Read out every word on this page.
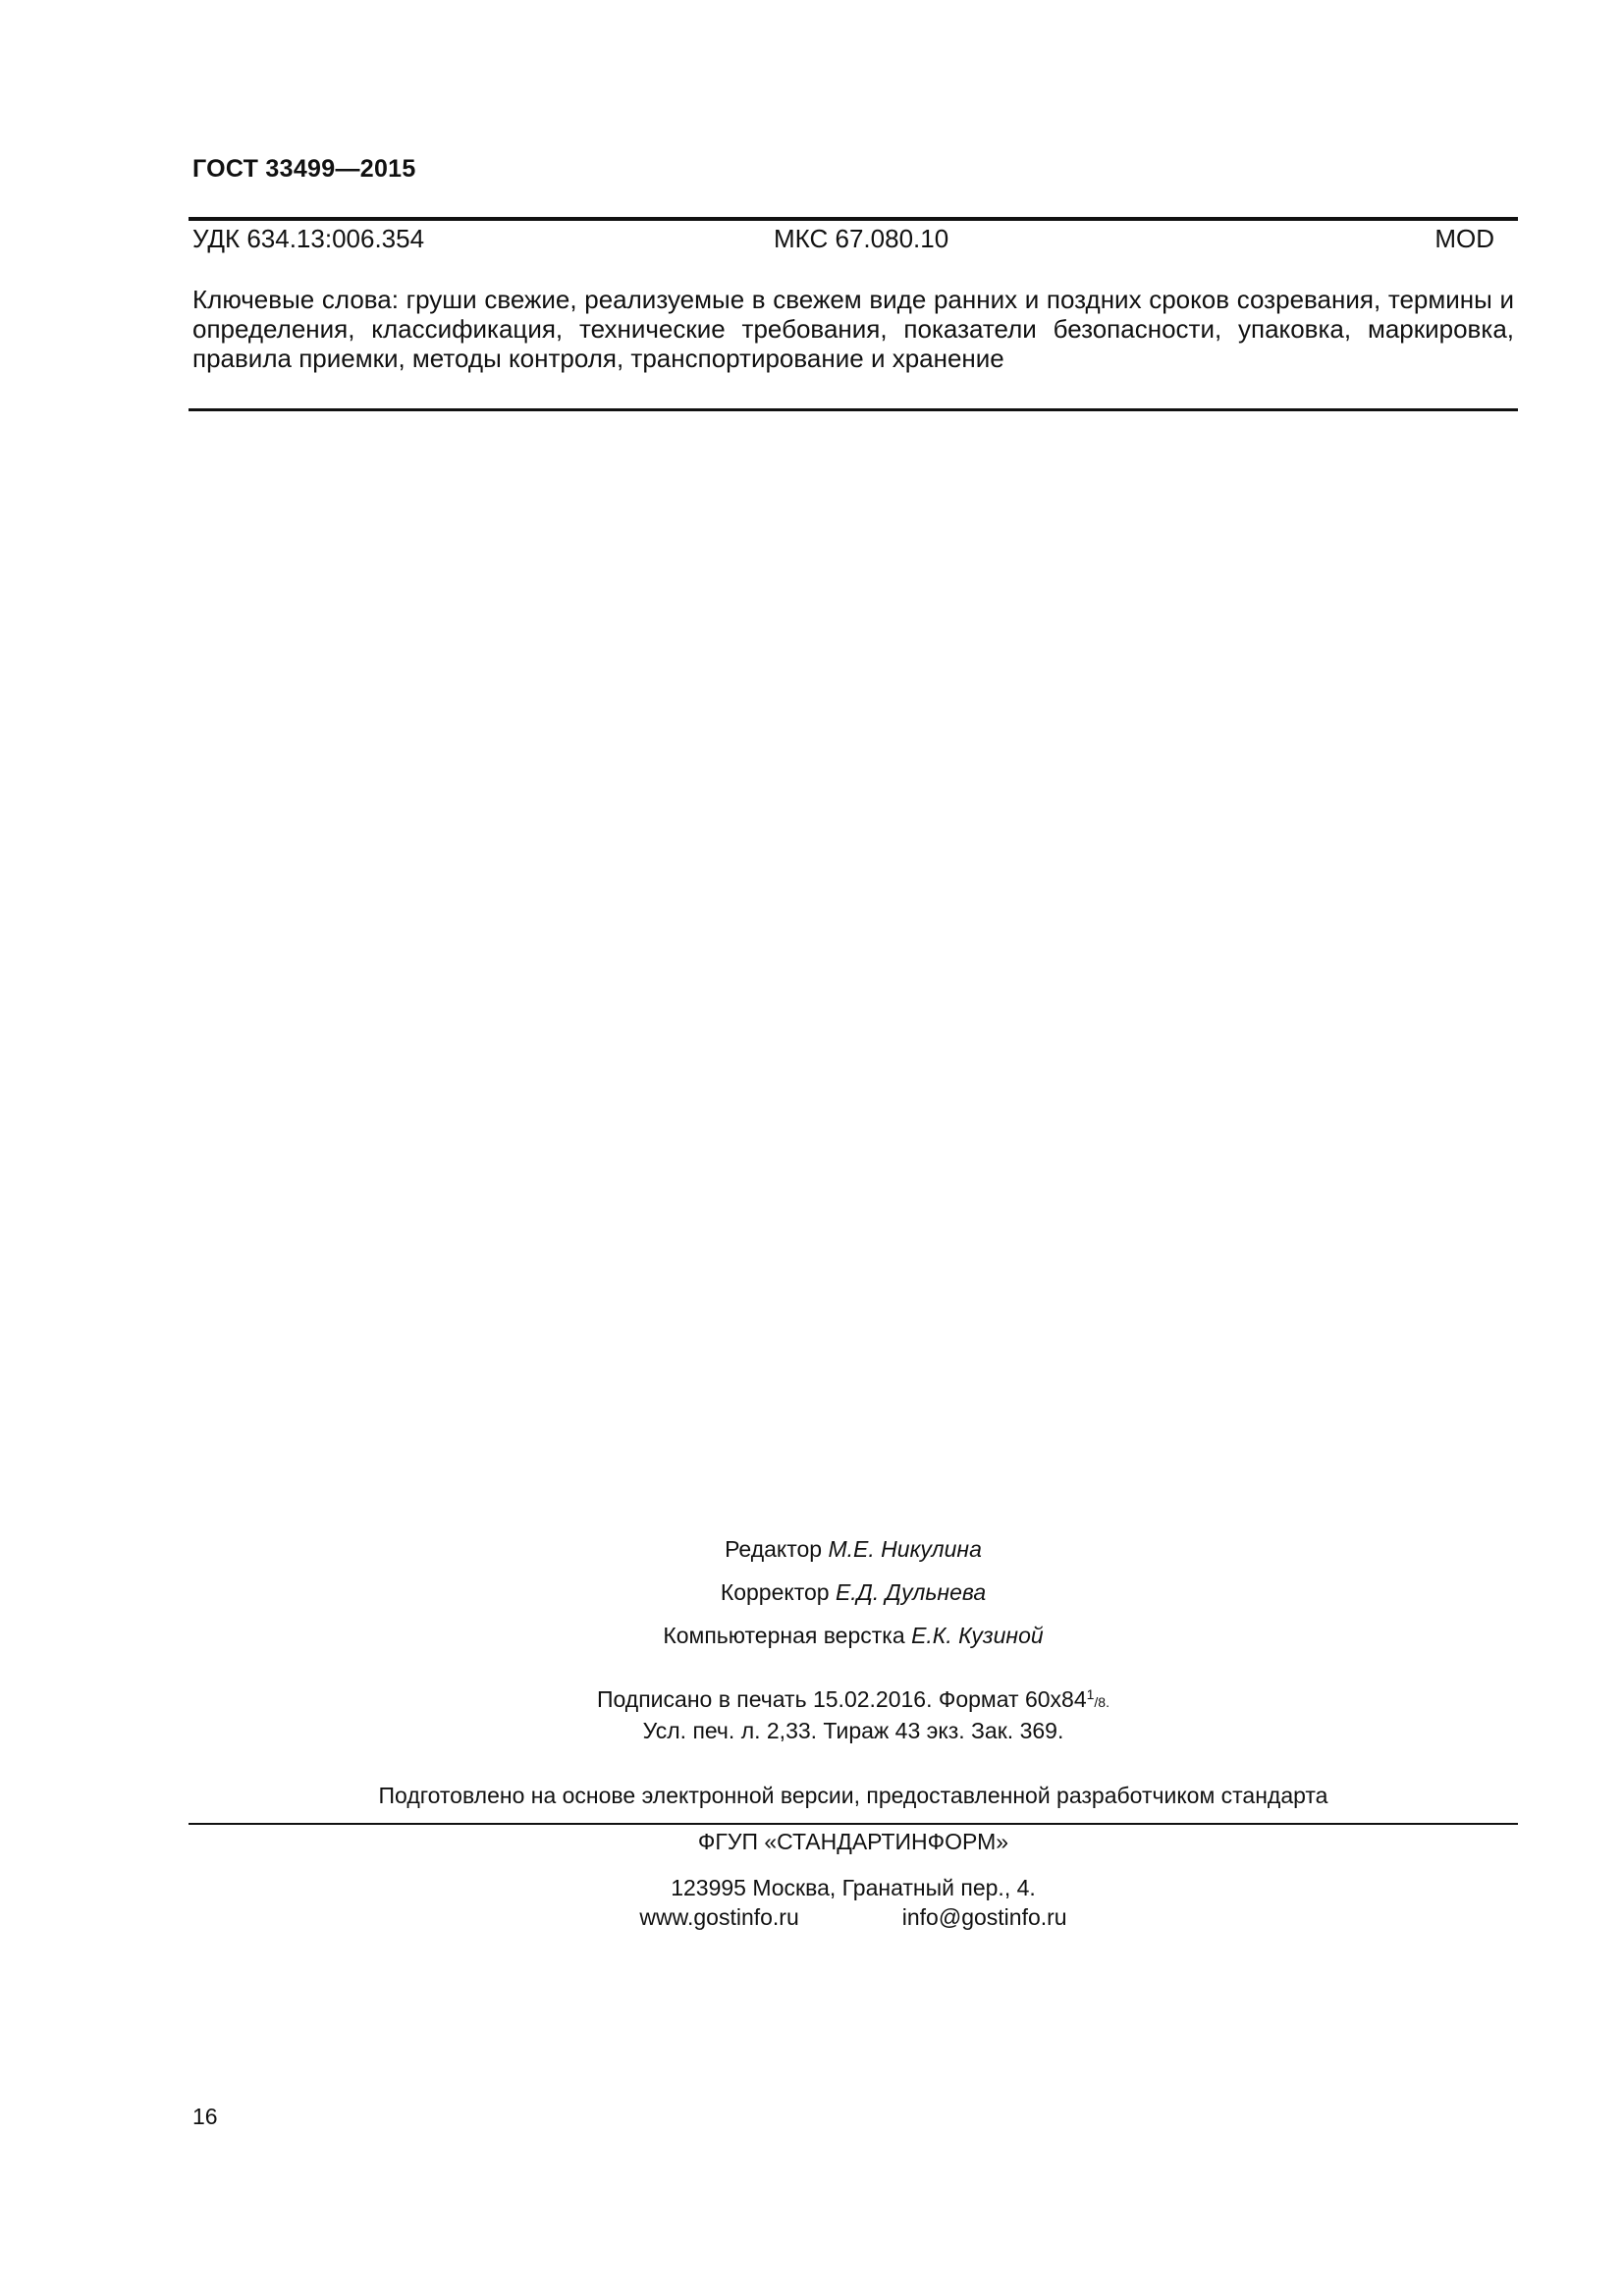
ГОСТ 33499—2015
УДК 634.13:006.354	МКС 67.080.10	MOD
Ключевые слова: груши свежие, реализуемые в свежем виде ранних и поздних сроков созревания, термины и определения, классификация, технические требования, показатели безопасности, упаковка, маркировка, правила приемки, методы контроля, транспортирование и хранение
Редактор М.Е. Никулина
Корректор Е.Д. Дульнева
Компьютерная верстка Е.К. Кузиной
Подписано в печать 15.02.2016. Формат $60х84^1/8$.
Усл. печ. л. 2,33. Тираж 43 экз. Зак. 369.
Подготовлено на основе электронной версии, предоставленной разработчиком стандарта
ФГУП «СТАНДАРТИНФОРМ»
123995 Москва, Гранатный пер., 4.
www.gostinfo.ru	info@gostinfo.ru
16
